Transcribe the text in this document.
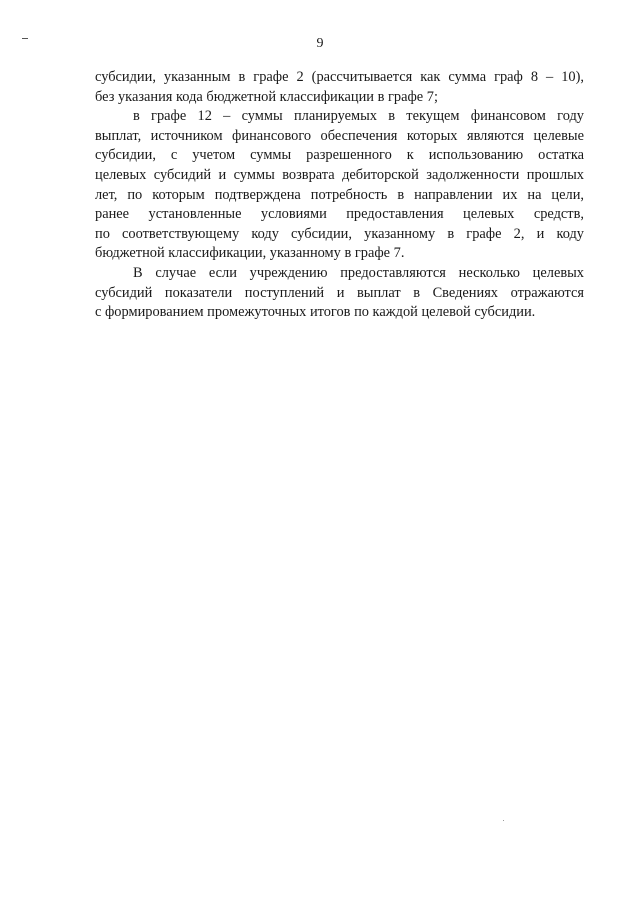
9
субсидии, указанным в графе 2 (рассчитывается как сумма граф 8 – 10),
без указания кода бюджетной классификации в графе 7;
в графе 12 – суммы планируемых в текущем финансовом году
выплат, источником финансового обеспечения которых являются целевые
субсидии, с учетом суммы разрешенного к использованию остатка
целевых субсидий и суммы возврата дебиторской задолженности прошлых
лет, по которым подтверждена потребность в направлении их на цели,
ранее установленные условиями предоставления целевых средств,
по соответствующему коду субсидии, указанному в графе 2, и коду
бюджетной классификации, указанному в графе 7.
В случае если учреждению предоставляются несколько целевых
субсидий показатели поступлений и выплат в Сведениях отражаются
с формированием промежуточных итогов по каждой целевой субсидии.
